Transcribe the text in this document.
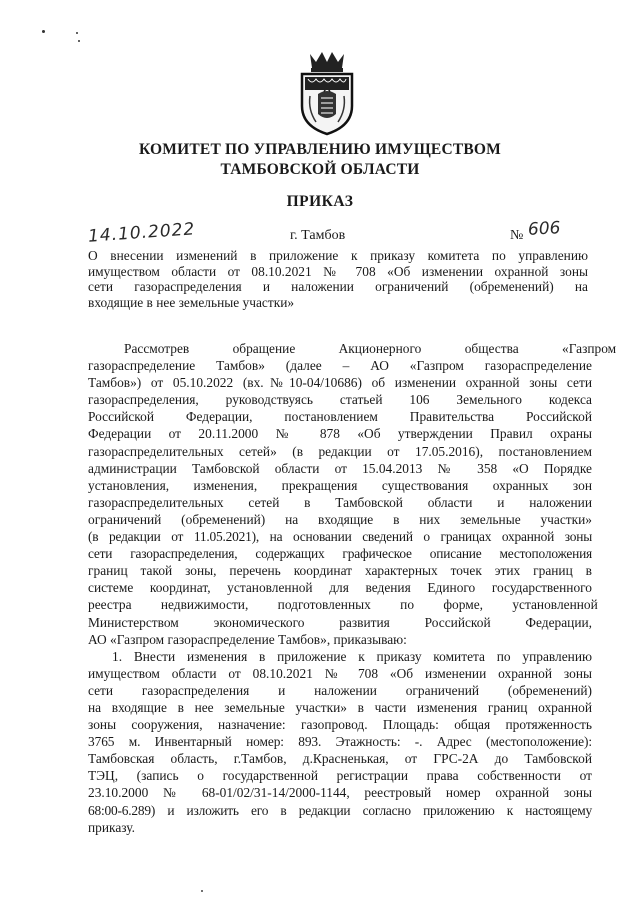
КОМИТЕТ ПО УПРАВЛЕНИЮ ИМУЩЕСТВОМ
ТАМБОВСКОЙ ОБЛАСТИ
ПРИКАЗ
14.10.2022	г. Тамбов	№ 606
О внесении изменений в приложение к приказу комитета по управлению
имуществом области от 08.10.2021 № 708 «Об изменении охранной зоны
сети газораспределения и наложении ограничений (обременений) на
входящие в нее земельные участки»
Рассмотрев обращение Акционерного общества «Газпром
газораспределение Тамбов» (далее – АО «Газпром газораспределение
Тамбов») от 05.10.2022 (вх.№10-04/10686) об изменении охранной зоны сети
газораспределения, руководствуясь статьей 106 Земельного кодекса
Российской Федерации, постановлением Правительства Российской
Федерации от 20.11.2000 № 878 «Об утверждении Правил охраны
газораспределительных сетей» (в редакции от 17.05.2016), постановлением
администрации Тамбовской области от 15.04.2013 № 358 «О Порядке
установления, изменения, прекращения существования охранных зон
газораспределительных сетей в Тамбовской области и наложении
ограничений (обременений) на входящие в них земельные участки»
(в редакции от 11.05.2021), на основании сведений о границах охранной зоны
сети газораспределения, содержащих графическое описание местоположения
границ такой зоны, перечень координат характерных точек этих границ в
системе координат, установленной для ведения Единого государственного
реестра недвижимости, подготовленных по форме, установленной
Министерством экономического развития Российской Федерации,
АО «Газпром газораспределение Тамбов», приказываю:
1. Внести изменения в приложение к приказу комитета по управлению
имуществом области от 08.10.2021 № 708 «Об изменении охранной зоны
сети газораспределения и наложении ограничений (обременений)
на входящие в нее земельные участки» в части изменения границ охранной
зоны сооружения, назначение: газопровод. Площадь: общая протяженность
3765 м. Инвентарный номер: 893. Этажность: -. Адрес (местоположение):
Тамбовская область, г.Тамбов, д.Красненькая, от ГРС-2А до Тамбовской
ТЭЦ, (запись о государственной регистрации права собственности от
23.10.2000 № 68-01/02/31-14/2000-1144, реестровый номер охранной зоны
68:00-6.289) и изложить его в редакции согласно приложению к настоящему
приказу.
